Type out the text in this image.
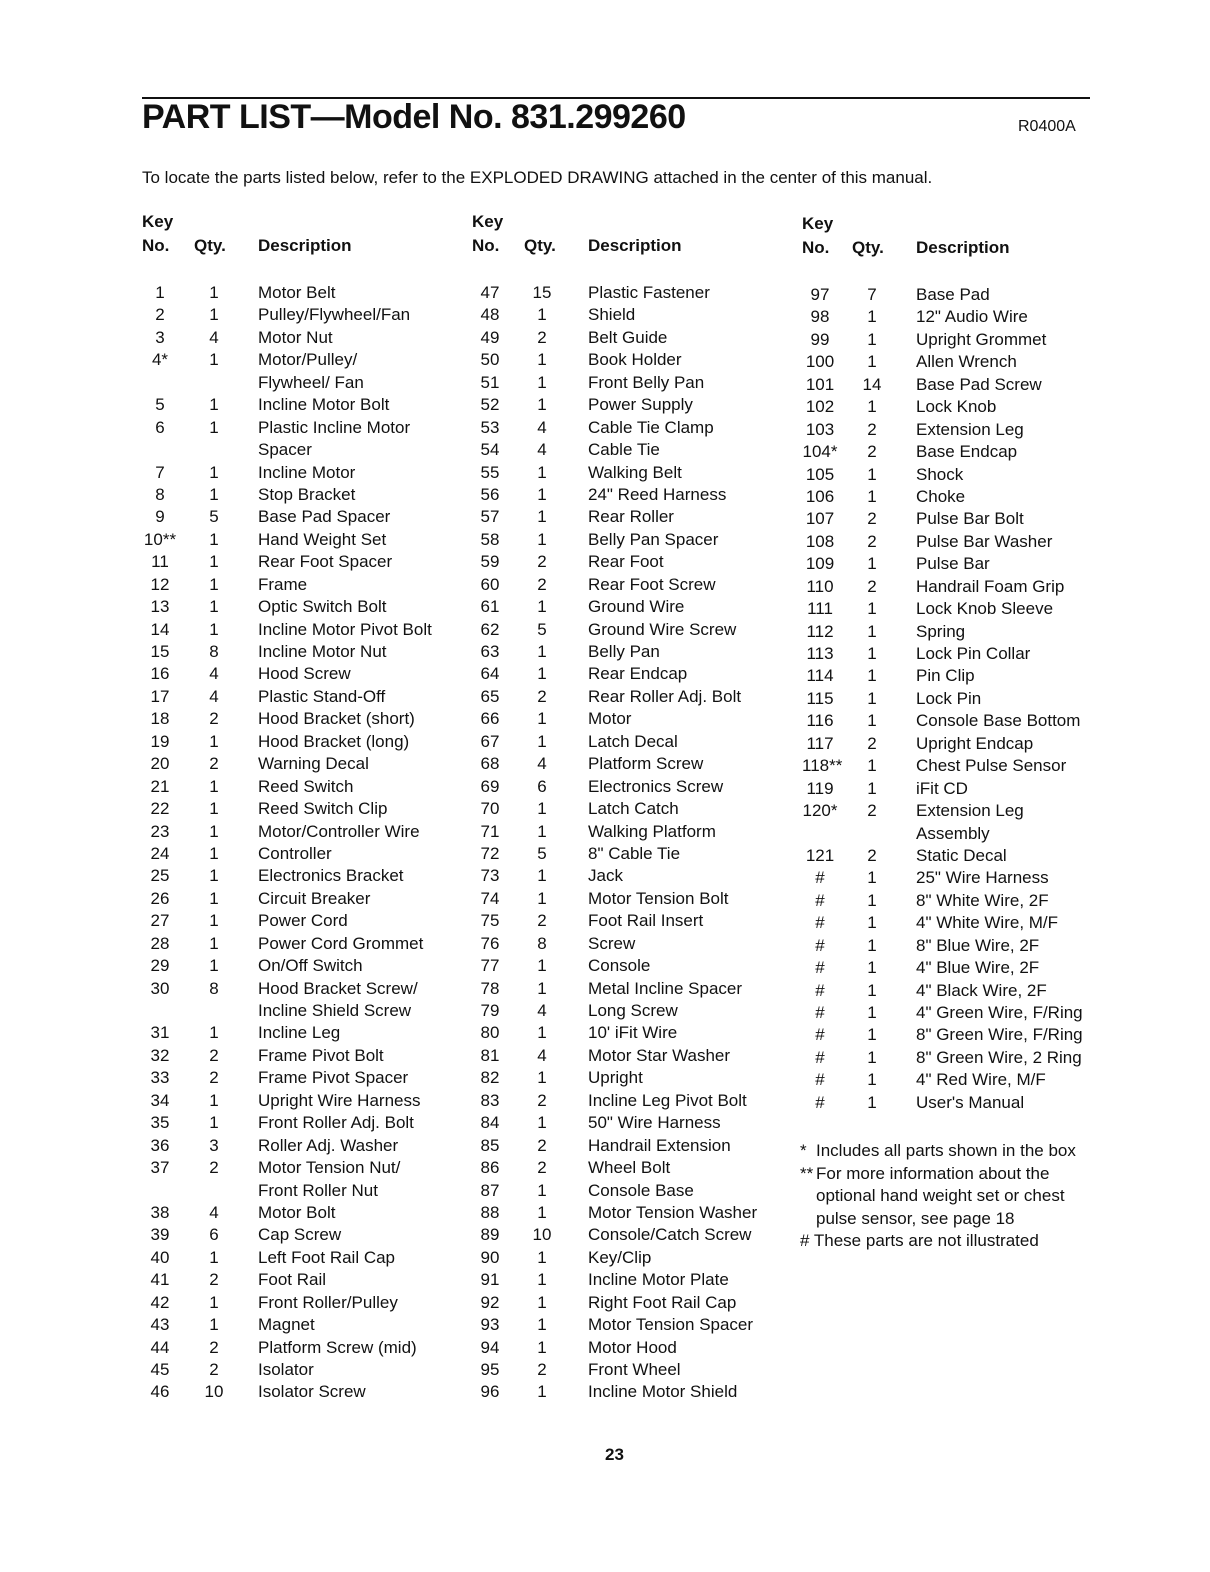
PART LIST—Model No. 831.299260	R0400A
To locate the parts listed below, refer to the EXPLODED DRAWING attached in the center of this manual.
Key
No. Qty. Description
1	1	Motor Belt
2	1	Pulley/Flywheel/Fan
3	4	Motor Nut
4*	1	Motor/Pulley/
Flywheel/ Fan
5	1	Incline Motor Bolt
6	1	Plastic Incline Motor
Spacer
7	1	Incline Motor
8	1	Stop Bracket
9	5	Base Pad Spacer
10**	1	Hand Weight Set
11	1	Rear Foot Spacer
12	1	Frame
13	1	Optic Switch Bolt
14	1	Incline Motor Pivot Bolt
15	8	Incline Motor Nut
16	4	Hood Screw
17	4	Plastic Stand-Off
18	2	Hood Bracket (short)
19	1	Hood Bracket (long)
20	2	Warning Decal
21	1	Reed Switch
22	1	Reed Switch Clip
23	1	Motor/Controller Wire
24	1	Controller
25	1	Electronics Bracket
26	1	Circuit Breaker
27	1	Power Cord
28	1	Power Cord Grommet
29	1	On/Off Switch
30	8	Hood Bracket Screw/
Incline Shield Screw
31	1	Incline Leg
32	2	Frame Pivot Bolt
33	2	Frame Pivot Spacer
34	1	Upright Wire Harness
35	1	Front Roller Adj. Bolt
36	3	Roller Adj. Washer
37	2	Motor Tension Nut/
Front Roller Nut
38	4	Motor Bolt
39	6	Cap Screw
40	1	Left Foot Rail Cap
41	2	Foot Rail
42	1	Front Roller/Pulley
43	1	Magnet
44	2	Platform Screw (mid)
45	2	Isolator
46	10 Isolator Screw
Key
No. Qty. Description
47	15 Plastic Fastener
48	1	Shield
49	2	Belt Guide
50	1	Book Holder
51	1	Front Belly Pan
52	1	Power Supply
53	4	Cable Tie Clamp
54	4	Cable Tie
55	1	Walking Belt
56	1	24" Reed Harness
57	1	Rear Roller
58	1	Belly Pan Spacer
59	2	Rear Foot
60	2	Rear Foot Screw
61	1	Ground Wire
62	5	Ground Wire Screw
63	1	Belly Pan
64	1	Rear Endcap
65	2	Rear Roller Adj. Bolt
66	1	Motor
67	1	Latch Decal
68	4	Platform Screw
69	6	Electronics Screw
70	1	Latch Catch
71	1	Walking Platform
72	5	8" Cable Tie
73	1	Jack
74	1	Motor Tension Bolt
75	2	Foot Rail Insert
76	8	Screw
77	1	Console
78	1	Metal Incline Spacer
79	4	Long Screw
80	1	10' iFit Wire
81	4	Motor Star Washer
82	1	Upright
83	2	Incline Leg Pivot Bolt
84	1	50" Wire Harness
85	2	Handrail Extension
86	2	Wheel Bolt
87	1	Console Base
88	1	Motor Tension Washer
89	10 Console/Catch Screw
90	1	Key/Clip
91	1	Incline Motor Plate
92	1	Right Foot Rail Cap
93	1	Motor Tension Spacer
94	1	Motor Hood
95	2	Front Wheel
96	1	Incline Motor Shield
Key
No. Qty. Description
97	7	Base Pad
98	1	12" Audio Wire
99	1	Upright Grommet
100	1	Allen Wrench
101 14 Base Pad Screw
102	1	Lock Knob
103	2	Extension Leg
104*	2	Base Endcap
105	1	Shock
106	1	Choke
107	2	Pulse Bar Bolt
108	2	Pulse Bar Washer
109	1	Pulse Bar
110	2	Handrail Foam Grip
111	1	Lock Knob Sleeve
112	1	Spring
113	1	Lock Pin Collar
114	1	Pin Clip
115	1	Lock Pin
116	1	Console Base Bottom
117	2	Upright Endcap
118**	1	Chest Pulse Sensor
119	1	iFit CD
120*	2	Extension Leg
Assembly
121	2	Static Decal
#	1	25" Wire Harness
#	1	8" White Wire, 2F
#	1	4" White Wire, M/F
#	1	8" Blue Wire, 2F
#	1	4" Blue Wire, 2F
#	1	4" Black Wire, 2F
#	1	4" Green Wire, F/Ring
#	1	8" Green Wire, F/Ring
#	1	8" Green Wire, 2 Ring
#	1	4" Red Wire, M/F
#	1	User's Manual
* Includes all parts shown in the box
** For more information about the optional hand weight set or chest pulse sensor, see page 18
# These parts are not illustrated
23
